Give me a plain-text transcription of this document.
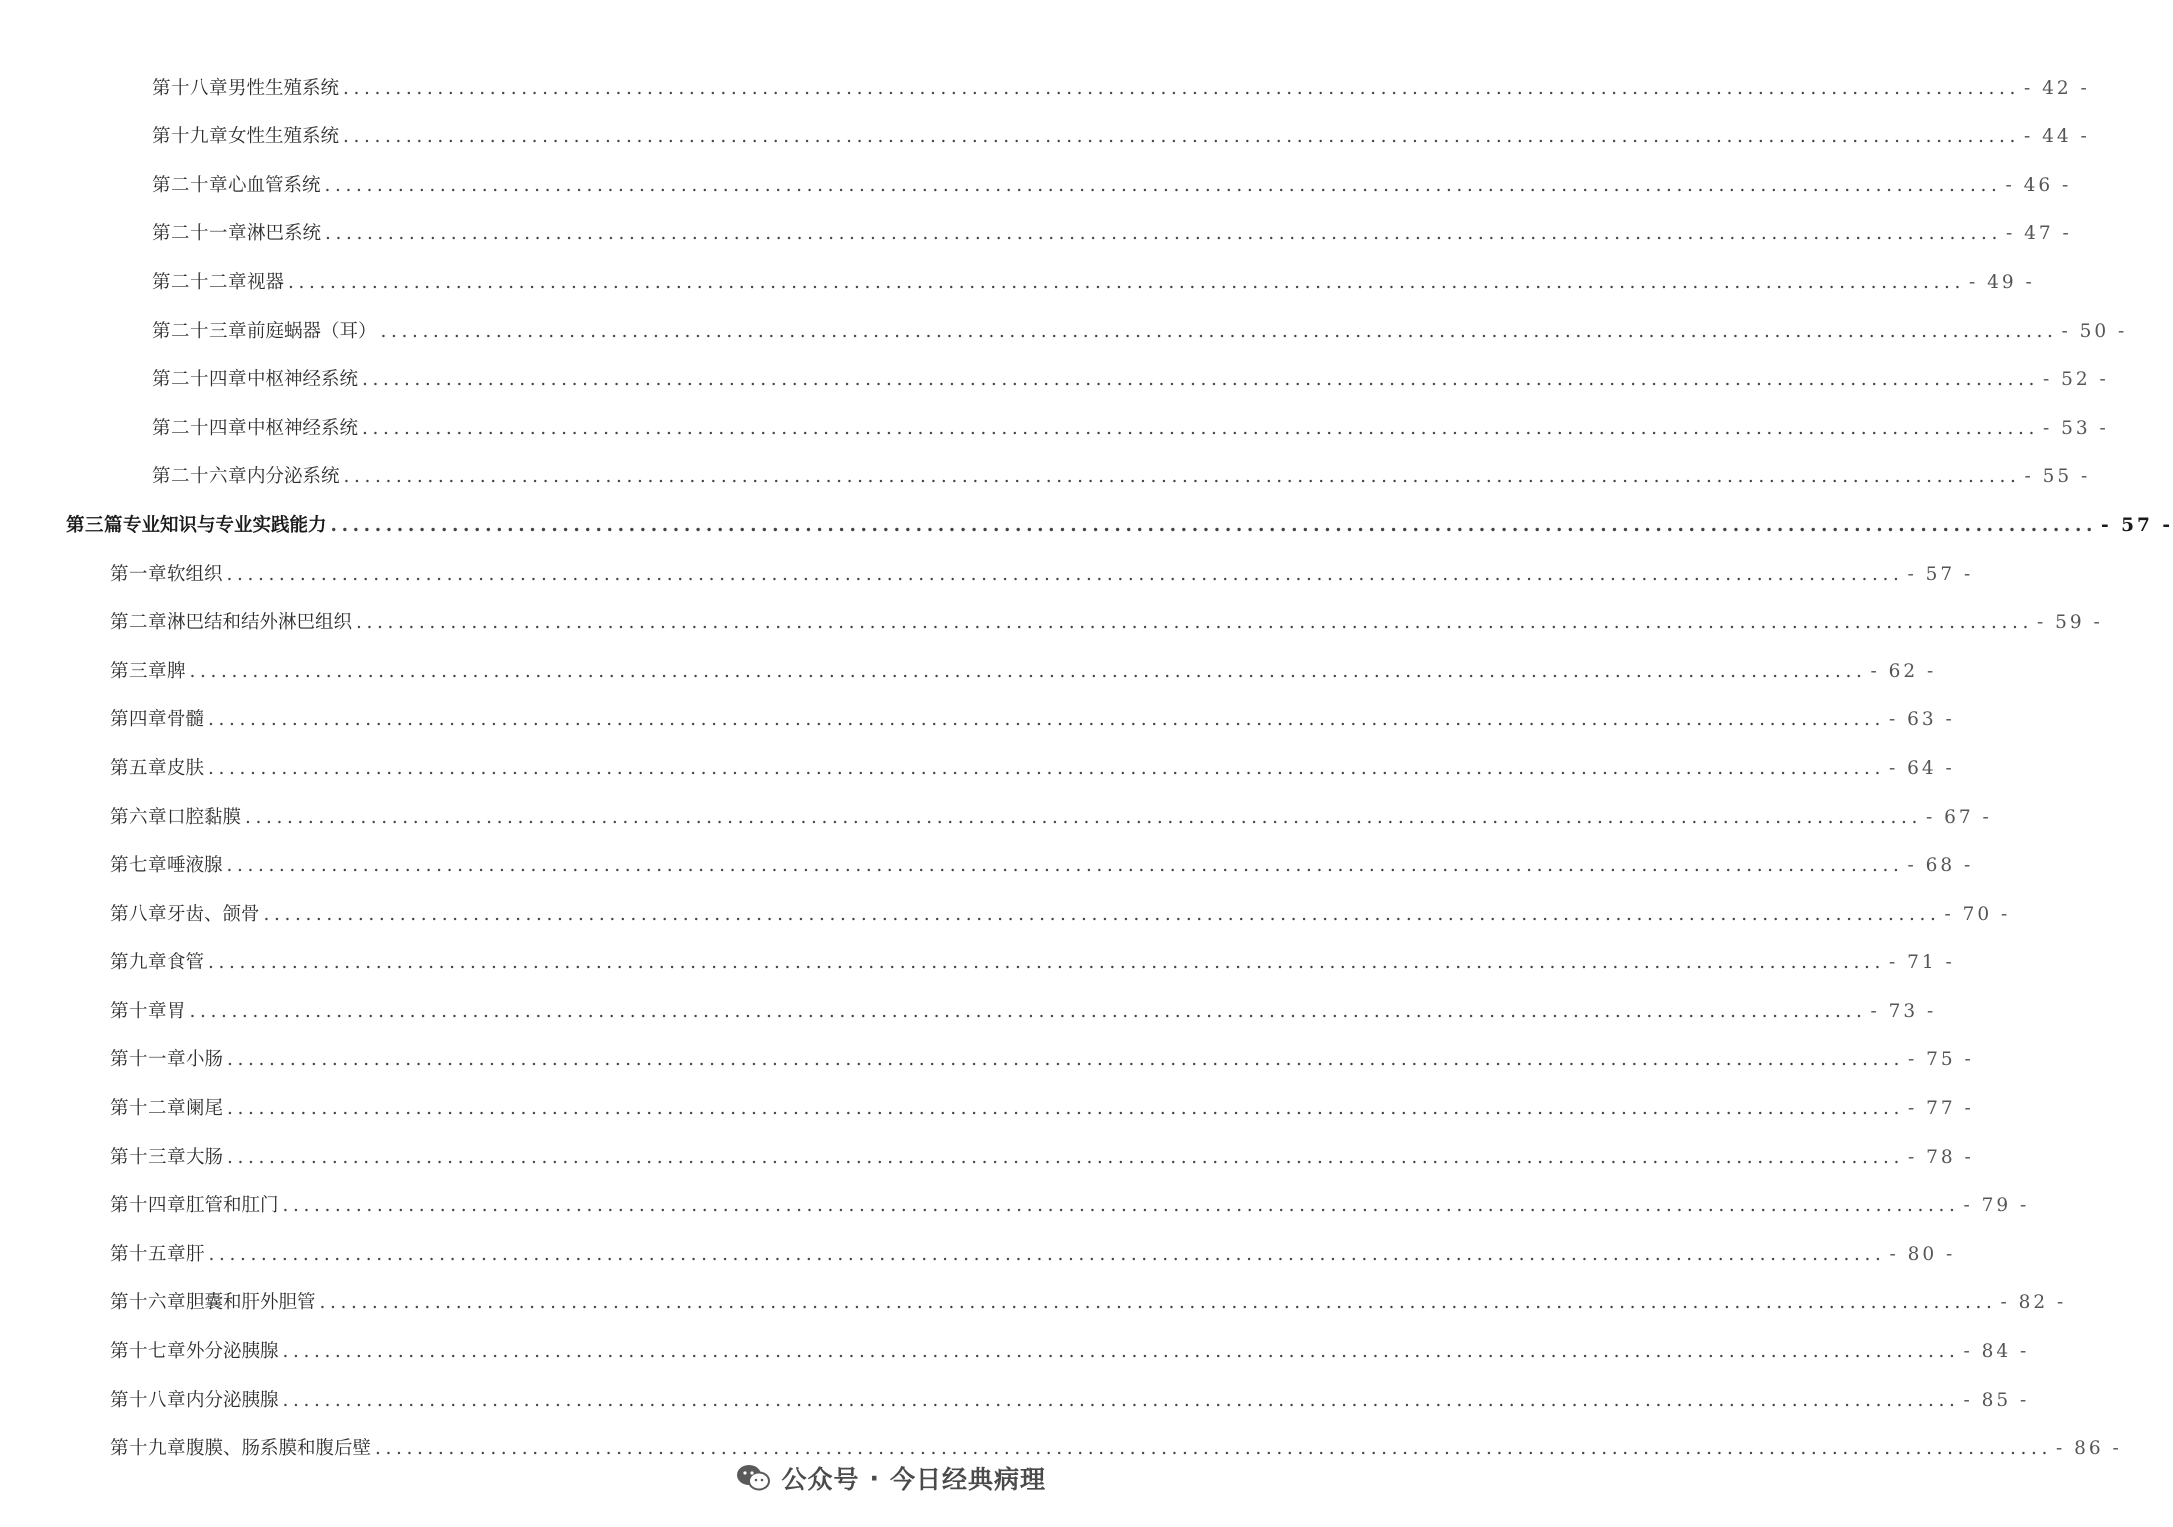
第十八章 男性生殖系统 ................................................................................................................................................................ - 42 -
第十九章 女性生殖系统 ................................................................................................................................................................ - 44 -
第二十章 心血管系统 ................................................................................................................................................................ - 46 -
第二十一章 淋巴系统 ................................................................................................................................................................ - 47 -
第二十二章 视器 ................................................................................................................................................................ - 49 -
第二十三章 前庭蜗器（耳） ................................................................................................................................................................ - 50 -
第二十四章 中枢神经系统 ................................................................................................................................................................ - 52 -
第二十四章 中枢神经系统 ................................................................................................................................................................ - 53 -
第二十六章 内分泌系统 ................................................................................................................................................................ - 55 -
第三篇 专业知识与专业实践能力 ................................................................................................................................................................ - 57 -
第一章 软组织 ................................................................................................................................................................ - 57 -
第二章 淋巴结和结外淋巴组织 ................................................................................................................................................................ - 59 -
第三章 脾 ................................................................................................................................................................ - 62 -
第四章 骨髓 ................................................................................................................................................................ - 63 -
第五章 皮肤 ................................................................................................................................................................ - 64 -
第六章 口腔黏膜 ................................................................................................................................................................ - 67 -
第七章 唾液腺 ................................................................................................................................................................ - 68 -
第八章 牙齿、颌骨 ................................................................................................................................................................ - 70 -
第九章 食管 ................................................................................................................................................................ - 71 -
第十章 胃 ................................................................................................................................................................ - 73 -
第十一章 小肠 ................................................................................................................................................................ - 75 -
第十二章 阑尾 ................................................................................................................................................................ - 77 -
第十三章 大肠 ................................................................................................................................................................ - 78 -
第十四章 肛管和肛门 ................................................................................................................................................................ - 79 -
第十五章 肝 ................................................................................................................................................................ - 80 -
第十六章 胆囊和肝外胆管 ................................................................................................................................................................ - 82 -
第十七章 外分泌胰腺 ................................................................................................................................................................ - 84 -
第十八章 内分泌胰腺 ................................................................................................................................................................ - 85 -
第十九章 腹膜、肠系膜和腹后壁 ................................................................................................................................................................ - 86 -
公众号 · 今日经典病理
